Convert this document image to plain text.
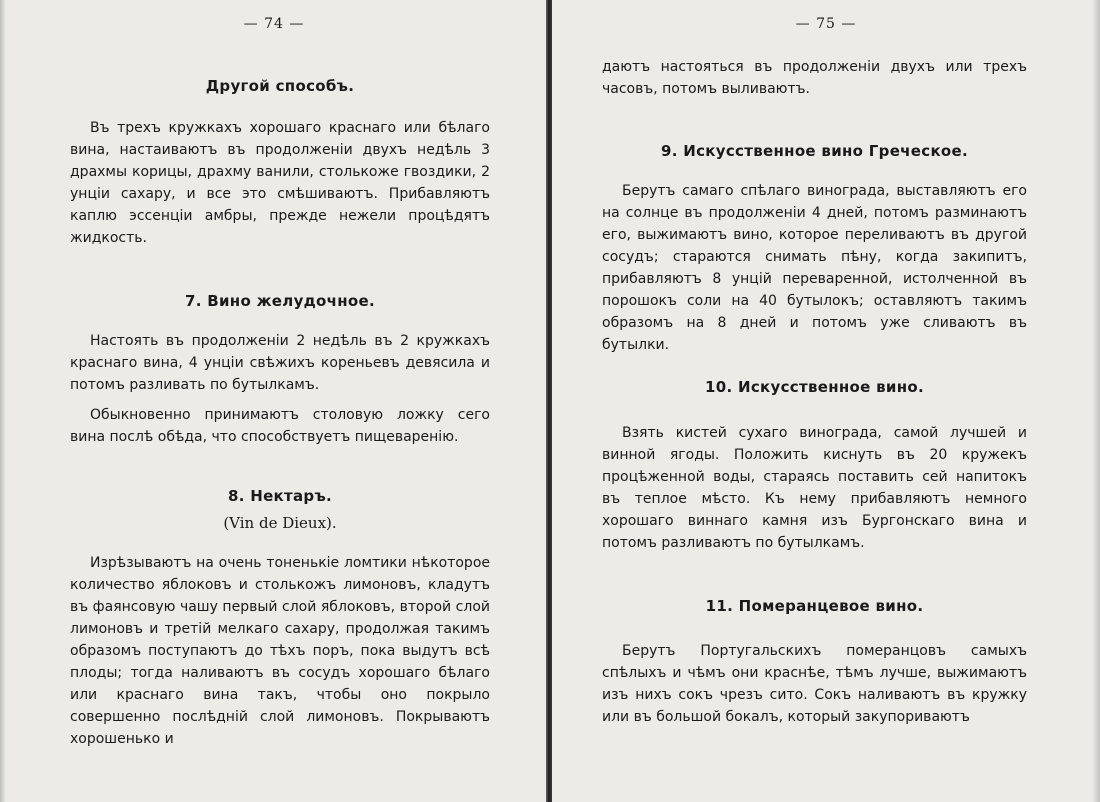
— 74 —	— 75 —
Другой способъ.

Въ трехъ кружкахъ хорошаго краснаго или бѣлаго вина, настаиваютъ въ продолженіи двухъ недѣль 3 драхмы корицы, драхму ванили, столькоже гвоздики, 2 унціи сахару, и все это смѣшиваютъ. Прибавляютъ каплю эссенціи амбры, прежде нежели процѣдятъ жидкость.

7. Вино желудочное.

Настоять въ продолженіи 2 недѣль въ 2 кружкахъ краснаго вина, 4 унціи свѣжихъ кореньевъ девясила и потомъ разливать по бутылкамъ.

Обыкновенно принимаютъ столовую ложку сего вина послѣ обѣда, что способствуетъ пищеваренію.

8. Нектаръ.
(Vin de Dieux).

Изрѣзываютъ на очень тоненькіе ломтики нѣкоторое количество яблоковъ и столькожъ лимоновъ, кладутъ въ фаянсовую чашу первый слой яблоковъ, второй слой лимоновъ и третій мелкаго сахару, продолжая такимъ образомъ поступаютъ до тѣхъ поръ, пока выдутъ всѣ плоды; тогда наливаютъ въ сосудъ хорошаго бѣлаго или краснаго вина такъ, чтобы оно покрыло совершенно послѣдній слой лимоновъ. Покрываютъ хорошенько и

даютъ настояться въ продолженіи двухъ или трехъ часовъ, потомъ выливаютъ.

9. Искусственное вино Греческое.

Берутъ самаго спѣлаго винограда, выставляютъ его на солнце въ продолженіи 4 дней, потомъ разминаютъ его, выжимаютъ вино, которое переливаютъ въ другой сосудъ; стараются снимать пѣну, когда закипитъ, прибавляютъ 8 унцій переваренной, истолченной въ порошокъ соли на 40 бутылокъ; оставляютъ такимъ образомъ на 8 дней и потомъ уже сливаютъ въ бутылки.

10. Искусственное вино.

Взять кистей сухаго винограда, самой лучшей и винной ягоды. Положить киснуть въ 20 кружекъ процѣженной воды, стараясь поставить сей напитокъ въ теплое мѣсто. Къ нему прибавляютъ немного хорошаго виннаго камня изъ Бургонскаго вина и потомъ разливаютъ по бутылкамъ.

11. Померанцевое вино.

Берутъ Португальскихъ померанцовъ самыхъ спѣлыхъ и чѣмъ они краснѣе, тѣмъ лучше, выжимаютъ изъ нихъ сокъ чрезъ сито. Сокъ наливаютъ въ кружку или въ большой бокалъ, который закупориваютъ
